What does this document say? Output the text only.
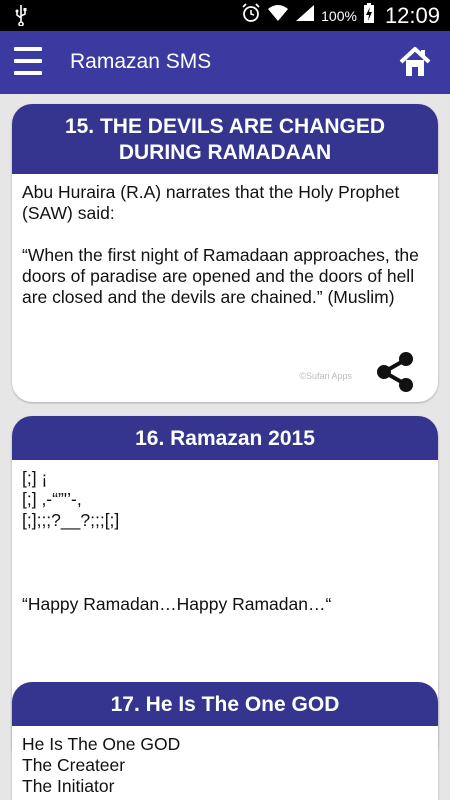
100% 12:09
Ramazan SMS
15. THE DEVILS ARE CHANGED DURING RAMADAAN
Abu Huraira (R.A) narrates that the Holy Prophet (SAW) said:

“When the first night of Ramadaan approaches, the doors of paradise are opened and the doors of hell are closed and the devils are chained.” (Muslim)
©Sufari Apps
16. Ramazan 2015
[;] ¡
[;] ,-“”'’-,
[;];;;?__?;;;[;]

“Happy Ramadan…Happy Ramadan…“
17. He Is The One GOD
He Is The One GOD
The Createer
The Initiator
